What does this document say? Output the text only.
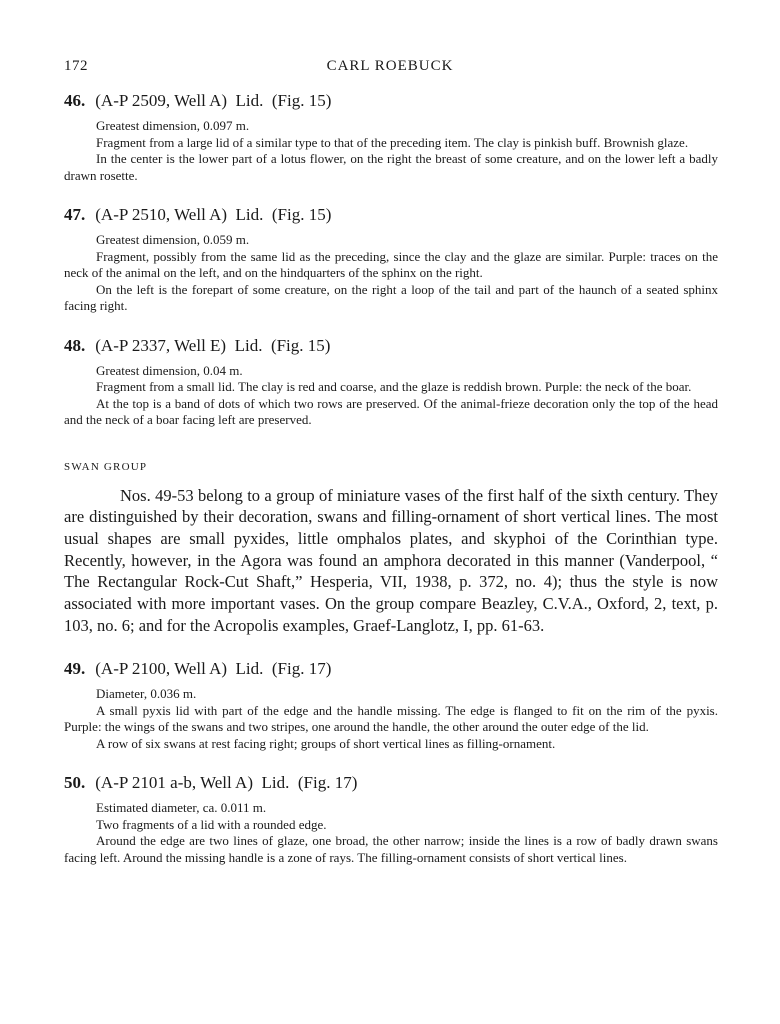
172	CARL ROEBUCK
46. (A-P 2509, Well A)  Lid.  (Fig. 15)

Greatest dimension, 0.097 m.

Fragment from a large lid of a similar type to that of the preceding item. The clay is pinkish buff. Brownish glaze.

In the center is the lower part of a lotus flower, on the right the breast of some creature, and on the lower left a badly drawn rosette.

47. (A-P 2510, Well A)  Lid.  (Fig. 15)

Greatest dimension, 0.059 m.

Fragment, possibly from the same lid as the preceding, since the clay and the glaze are similar. Purple: traces on the neck of the animal on the left, and on the hindquarters of the sphinx on the right.

On the left is the forepart of some creature, on the right a loop of the tail and part of the haunch of a seated sphinx facing right.

48. (A-P 2337, Well E)  Lid.  (Fig. 15)

Greatest dimension, 0.04 m.

Fragment from a small lid. The clay is red and coarse, and the glaze is reddish brown. Purple: the neck of the boar.

At the top is a band of dots of which two rows are preserved. Of the animal-frieze decoration only the top of the head and the neck of a boar facing left are preserved.

SWAN GROUP

Nos. 49-53 belong to a group of miniature vases of the first half of the sixth century. They are distinguished by their decoration, swans and filling-ornament of short vertical lines. The most usual shapes are small pyxides, little omphalos plates, and skyphoi of the Corinthian type. Recently, however, in the Agora was found an amphora decorated in this manner (Vanderpool, “ The Rectangular Rock-Cut Shaft,” Hesperia, VII, 1938, p. 372, no. 4); thus the style is now associated with more important vases. On the group compare Beazley, C.V.A., Oxford, 2, text, p. 103, no. 6; and for the Acropolis examples, Graef-Langlotz, I, pp. 61-63.

49. (A-P 2100, Well A)  Lid.  (Fig. 17)

Diameter, 0.036 m.

A small pyxis lid with part of the edge and the handle missing. The edge is flanged to fit on the rim of the pyxis. Purple: the wings of the swans and two stripes, one around the handle, the other around the outer edge of the lid.

A row of six swans at rest facing right; groups of short vertical lines as filling-ornament.

50. (A-P 2101 a-b, Well A)  Lid.  (Fig. 17)

Estimated diameter, ca. 0.011 m.

Two fragments of a lid with a rounded edge.

Around the edge are two lines of glaze, one broad, the other narrow; inside the lines is a row of badly drawn swans facing left. Around the missing handle is a zone of rays. The filling-ornament consists of short vertical lines.
